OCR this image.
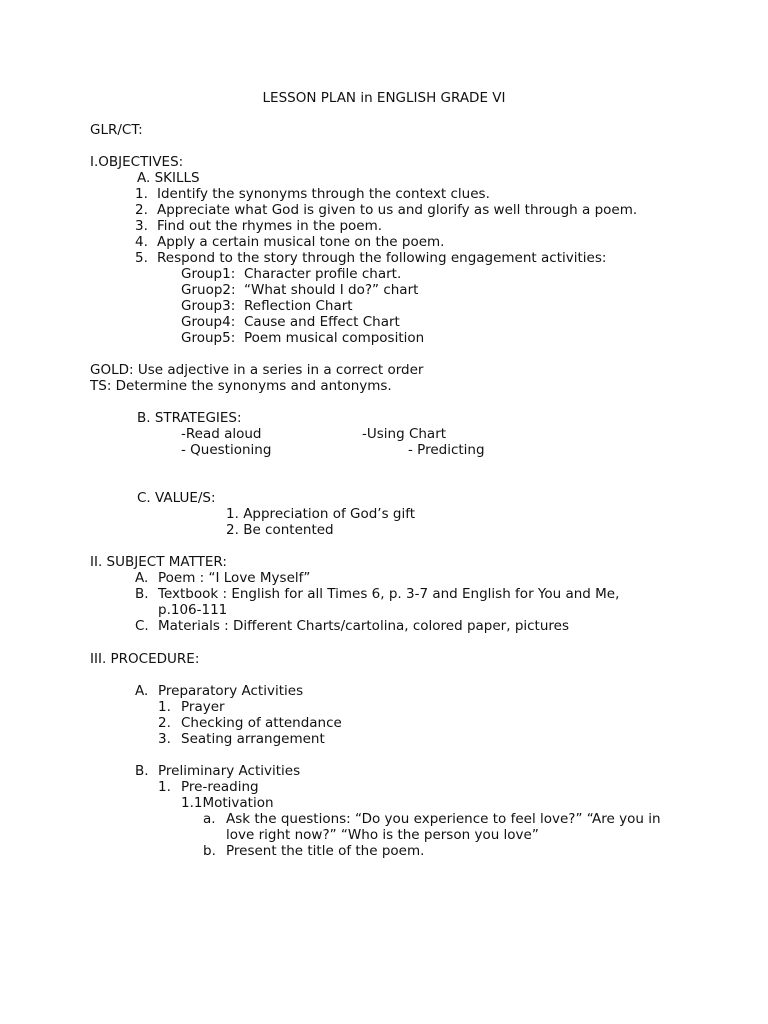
LESSON PLAN in ENGLISH GRADE VI
GLR/CT:
I.OBJECTIVES:
A. SKILLS
1. Identify the synonyms through the context clues.
2. Appreciate what God is given to us and glorify as well through a poem.
3. Find out the rhymes in the poem.
4. Apply a certain musical tone on the poem.
5. Respond to the story through the following engagement activities:
Group1: Character profile chart.
Gruop2: “What should I do?” chart
Group3: Reflection Chart
Group4: Cause and Effect Chart
Group5: Poem musical composition
GOLD: Use adjective in a series in a correct order
TS: Determine the synonyms and antonyms.
B. STRATEGIES:
-Read aloud	-Using Chart
- Questioning	- Predicting
C. VALUE/S:
1. Appreciation of God’s gift
2. Be contented
II. SUBJECT MATTER:
A. Poem : “I Love Myself”
B. Textbook : English for all Times 6, p. 3-7 and English for You and Me,
p.106-111
C. Materials : Different Charts/cartolina, colored paper, pictures
III. PROCEDURE:
A. Preparatory Activities
1. Prayer
2. Checking of attendance
3. Seating arrangement
B. Preliminary Activities
1. Pre-reading
1.1Motivation
a. Ask the questions: “Do you experience to feel love?” “Are you in
love right now?” “Who is the person you love”
b. Present the title of the poem.
